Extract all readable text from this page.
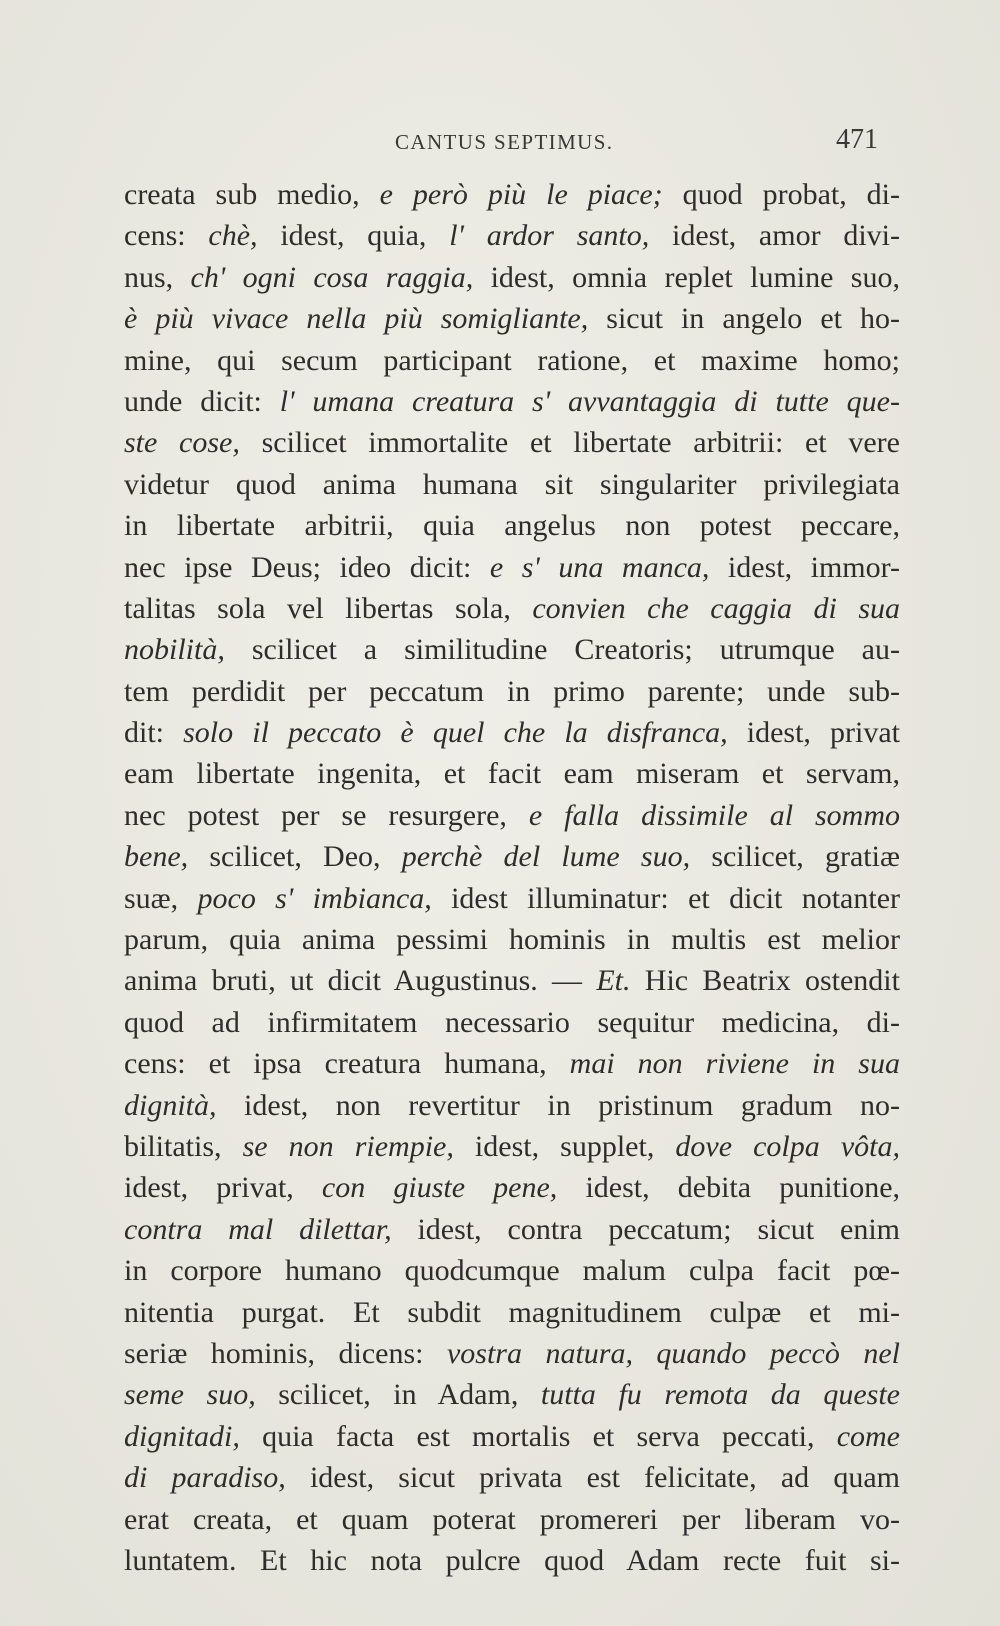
CANTUS SEPTIMUS.	471
creata sub medio, e però più le piace; quod probat, di-
cens: chè, idest, quia, l' ardor santo, idest, amor divi-
nus, ch' ogni cosa raggia, idest, omnia replet lumine suo,
è più vivace nella più somigliante, sicut in angelo et ho-
mine, qui secum participant ratione, et maxime homo;
unde dicit: l' umana creatura s' avvantaggia di tutte que-
ste cose, scilicet immortalite et libertate arbitrii: et vere
videtur quod anima humana sit singulariter privilegiata
in libertate arbitrii, quia angelus non potest peccare,
nec ipse Deus; ideo dicit: e s' una manca, idest, immor-
talitas sola vel libertas sola, convien che caggia di sua
nobilità, scilicet a similitudine Creatoris; utrumque au-
tem perdidit per peccatum in primo parente; unde sub-
dit: solo il peccato è quel che la disfranca, idest, privat
eam libertate ingenita, et facit eam miseram et servam,
nec potest per se resurgere, e falla dissimile al sommo
bene, scilicet, Deo, perchè del lume suo, scilicet, gratiæ
suæ, poco s' imbianca, idest illuminatur: et dicit notanter
parum, quia anima pessimi hominis in multis est melior
anima bruti, ut dicit Augustinus. — Et. Hic Beatrix ostendit
quod ad infirmitatem necessario sequitur medicina, di-
cens: et ipsa creatura humana, mai non riviene in sua
dignità, idest, non revertitur in pristinum gradum no-
bilitatis, se non riempie, idest, supplet, dove colpa vôta,
idest, privat, con giuste pene, idest, debita punitione,
contra mal dilettar, idest, contra peccatum; sicut enim
in corpore humano quodcumque malum culpa facit pœ-
nitentia purgat. Et subdit magnitudinem culpæ et mi-
seriæ hominis, dicens: vostra natura, quando peccò nel
seme suo, scilicet, in Adam, tutta fu remota da queste
dignitadi, quia facta est mortalis et serva peccati, come
di paradiso, idest, sicut privata est felicitate, ad quam
erat creata, et quam poterat promereri per liberam vo-
luntatem. Et hic nota pulcre quod Adam recte fuit si-
